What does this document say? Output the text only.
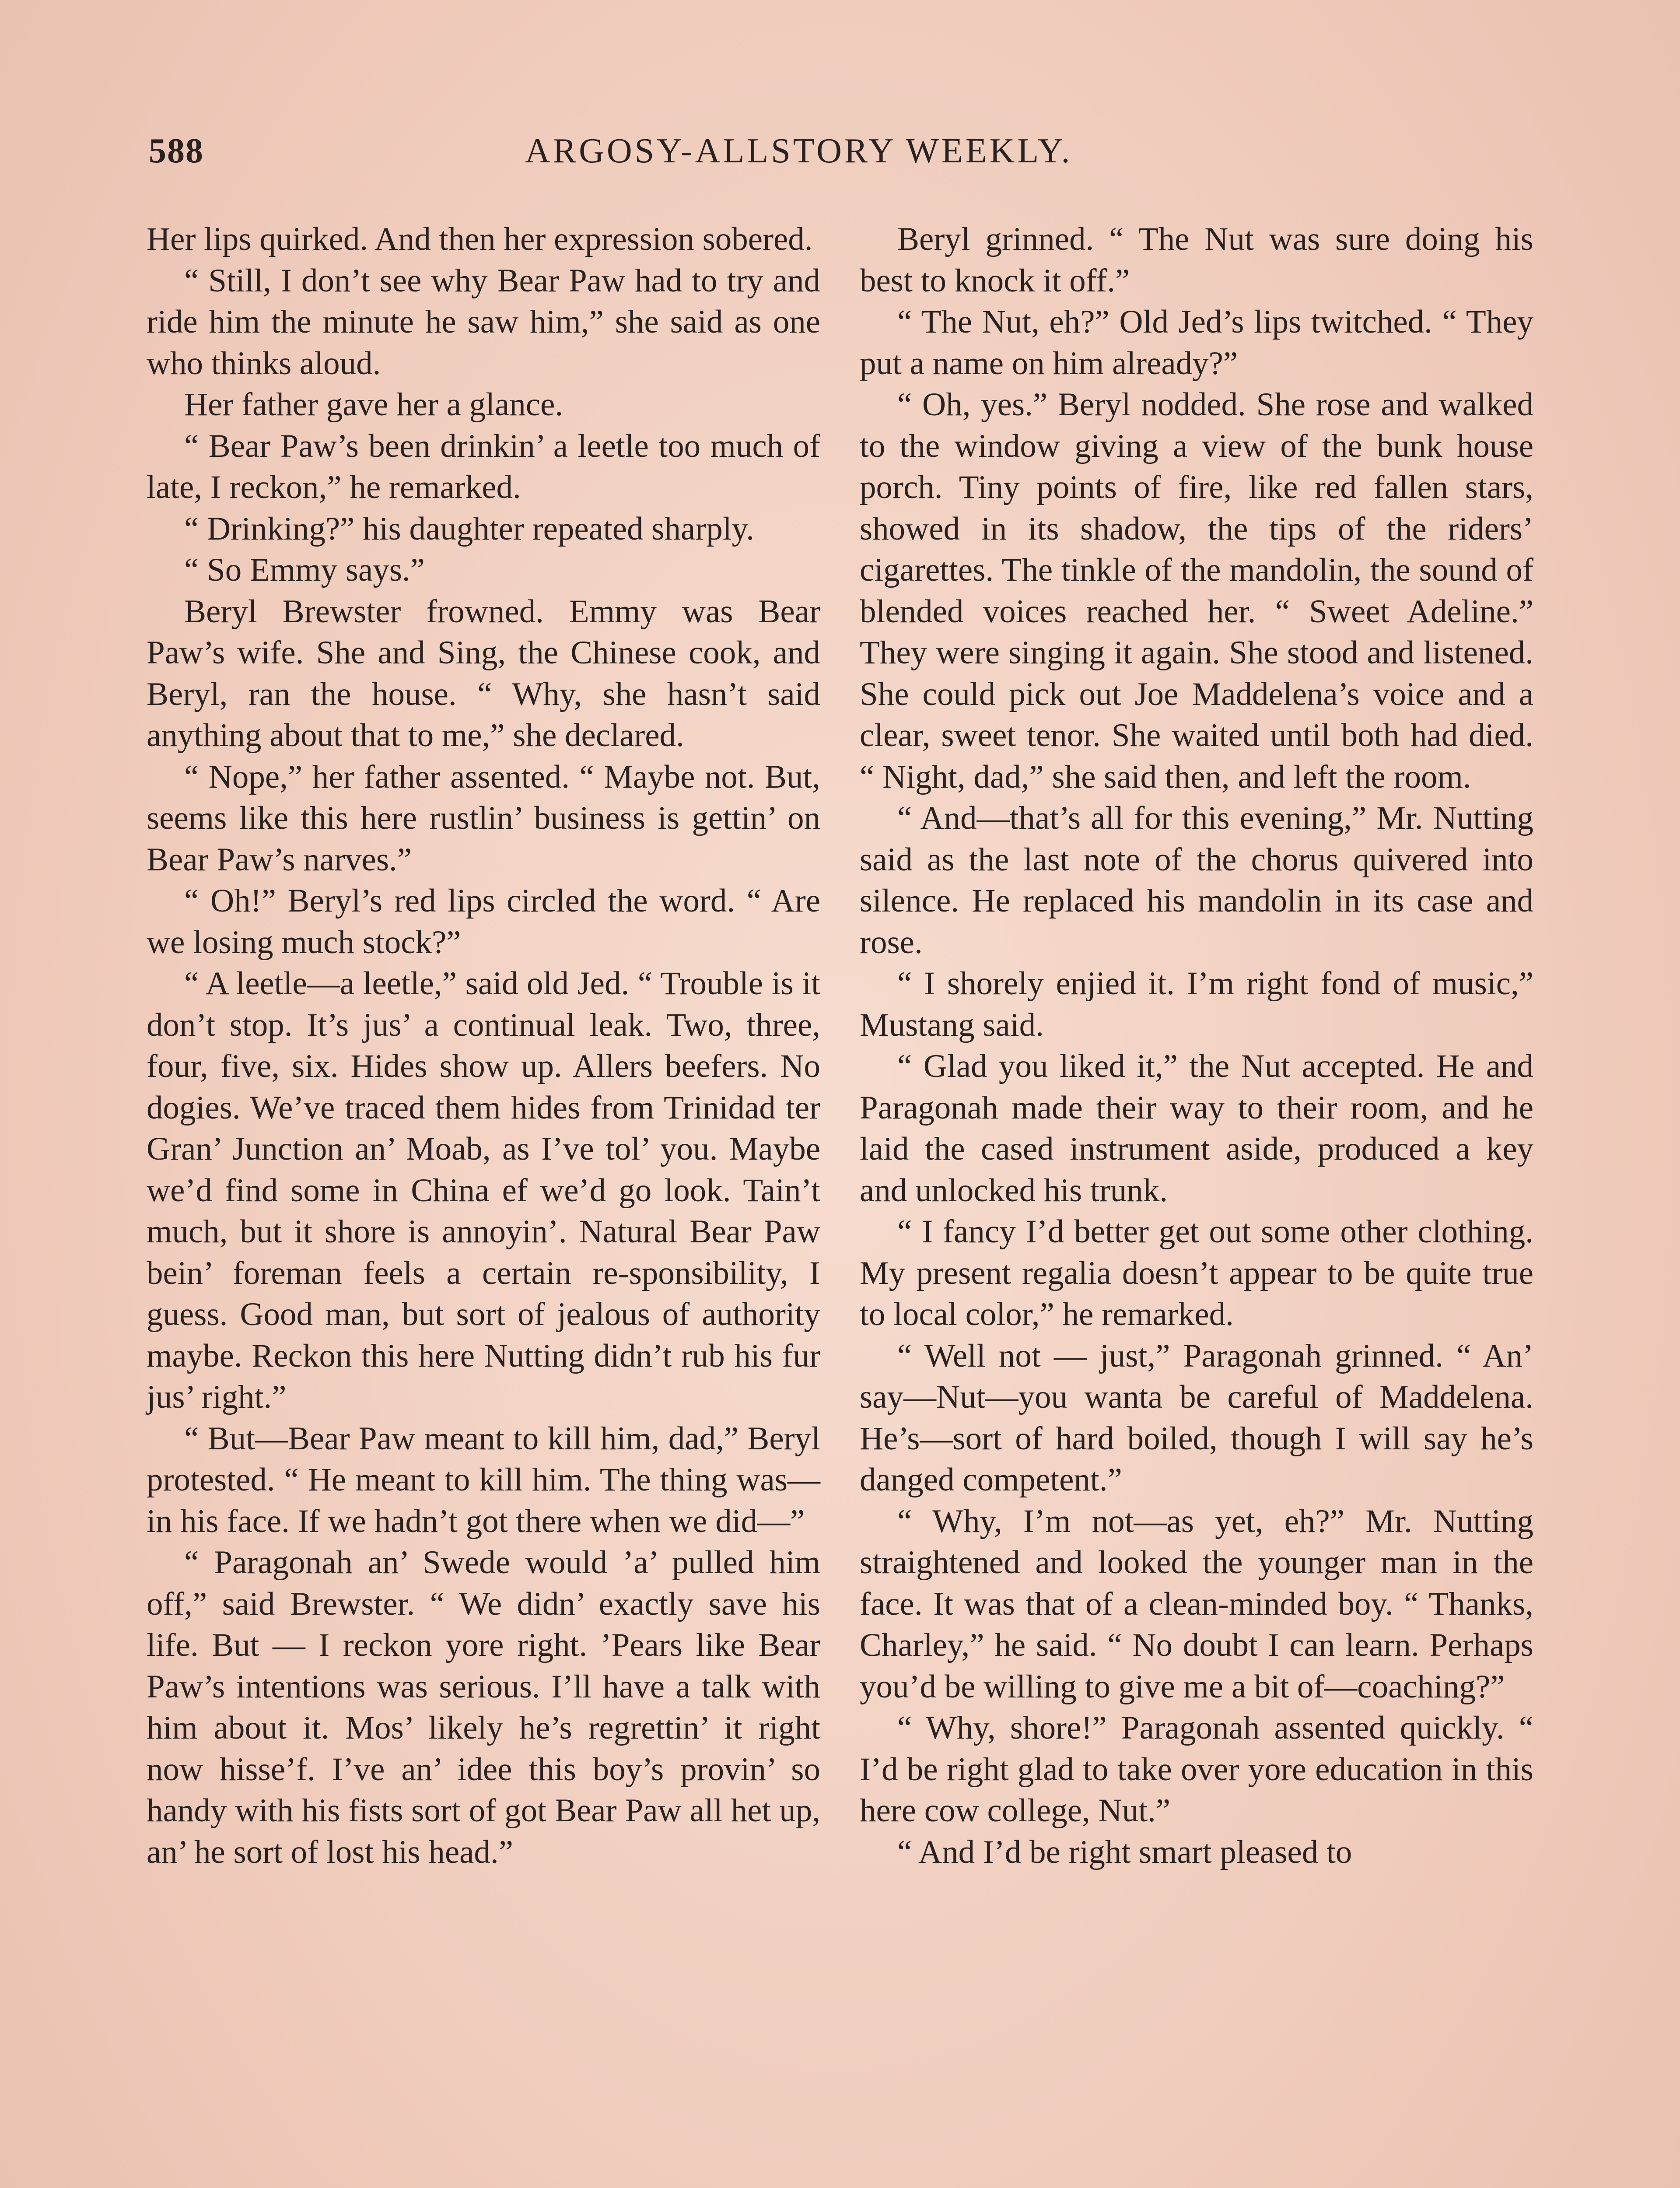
588	ARGOSY-ALLSTORY WEEKLY.

Her lips quirked. And then her expression sobered.

“ Still, I don’t see why Bear Paw had to try and ride him the minute he saw him,” she said as one who thinks aloud.

Her father gave her a glance.

“ Bear Paw’s been drinkin’ a leetle too much of late, I reckon,” he remarked.

“ Drinking?” his daughter repeated sharply.

“ So Emmy says.”

Beryl Brewster frowned. Emmy was Bear Paw’s wife. She and Sing, the Chinese cook, and Beryl, ran the house. “ Why, she hasn’t said anything about that to me,” she declared.

“ Nope,” her father assented. “ Maybe not. But, seems like this here rustlin’ business is gettin’ on Bear Paw’s narves.”

“ Oh!” Beryl’s red lips circled the word. “ Are we losing much stock?”

“ A leetle—a leetle,” said old Jed. “ Trouble is it don’t stop. It’s jus’ a continual leak. Two, three, four, five, six. Hides show up. Allers beefers. No dogies. We’ve traced them hides from Trinidad ter Gran’ Junction an’ Moab, as I’ve tol’ you. Maybe we’d find some in China ef we’d go look. Tain’t much, but it shore is annoyin’. Natural Bear Paw bein’ foreman feels a certain re-sponsibility, I guess. Good man, but sort of jealous of authority maybe. Reckon this here Nutting didn’t rub his fur jus’ right.”

“ But—Bear Paw meant to kill him, dad,” Beryl protested. “ He meant to kill him. The thing was—in his face. If we hadn’t got there when we did—”

“ Paragonah an’ Swede would ’a’ pulled him off,” said Brewster. “ We didn’ exactly save his life. But — I reckon yore right. ’Pears like Bear Paw’s intentions was serious. I’ll have a talk with him about it. Mos’ likely he’s regrettin’ it right now hisse’f. I’ve an’ idee this boy’s provin’ so handy with his fists sort of got Bear Paw all het up, an’ he sort of lost his head.”

Beryl grinned. “ The Nut was sure doing his best to knock it off.”

“ The Nut, eh?” Old Jed’s lips twitched. “ They put a name on him already?”

“ Oh, yes.” Beryl nodded. She rose and walked to the window giving a view of the bunk house porch. Tiny points of fire, like red fallen stars, showed in its shadow, the tips of the riders’ cigarettes. The tinkle of the mandolin, the sound of blended voices reached her. “ Sweet Adeline.” They were singing it again. She stood and listened. She could pick out Joe Maddelena’s voice and a clear, sweet tenor. She waited until both had died. “ Night, dad,” she said then, and left the room.

“ And—that’s all for this evening,” Mr. Nutting said as the last note of the chorus quivered into silence. He replaced his mandolin in its case and rose.

“ I shorely enjied it. I’m right fond of music,” Mustang said.

“ Glad you liked it,” the Nut accepted. He and Paragonah made their way to their room, and he laid the cased instrument aside, produced a key and unlocked his trunk.

“ I fancy I’d better get out some other clothing. My present regalia doesn’t appear to be quite true to local color,” he remarked.

“ Well not — just,” Paragonah grinned. “ An’ say—Nut—you wanta be careful of Maddelena. He’s—sort of hard boiled, though I will say he’s danged competent.”

“ Why, I’m not—as yet, eh?” Mr. Nutting straightened and looked the younger man in the face. It was that of a clean-minded boy. “ Thanks, Charley,” he said. “ No doubt I can learn. Perhaps you’d be willing to give me a bit of—coaching?”

“ Why, shore!” Paragonah assented quickly. “ I’d be right glad to take over yore education in this here cow college, Nut.”

“ And I’d be right smart pleased to
